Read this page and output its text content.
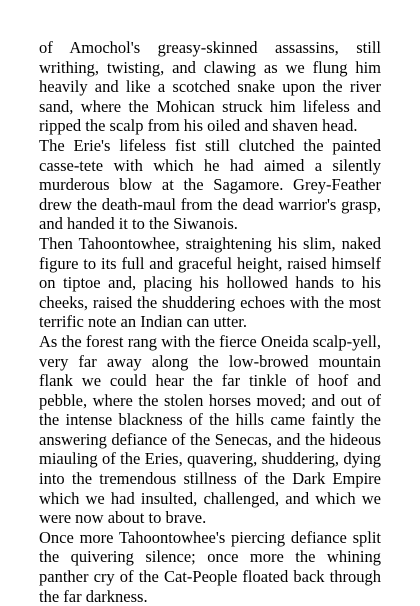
of Amochol's greasy-skinned assassins, still writhing, twisting, and clawing as we flung him heavily and like a scotched snake upon the river sand, where the Mohican struck him lifeless and ripped the scalp from his oiled and shaven head.

The Erie's lifeless fist still clutched the painted casse-tete with which he had aimed a silently murderous blow at the Sagamore. Grey-Feather drew the death-maul from the dead warrior's grasp, and handed it to the Siwanois.

Then Tahoontowhee, straightening his slim, naked figure to its full and graceful height, raised himself on tiptoe and, placing his hollowed hands to his cheeks, raised the shuddering echoes with the most terrific note an Indian can utter.

As the forest rang with the fierce Oneida scalp-yell, very far away along the low-browed mountain flank we could hear the far tinkle of hoof and pebble, where the stolen horses moved; and out of the intense blackness of the hills came faintly the answering defiance of the Senecas, and the hideous miauling of the Eries, quavering, shuddering, dying into the tremendous stillness of the Dark Empire which we had insulted, challenged, and which we were now about to brave.

Once more Tahoontowhee's piercing defiance split the quivering silence; once more the whining panther cry of the Cat-People floated back through the far darkness.
